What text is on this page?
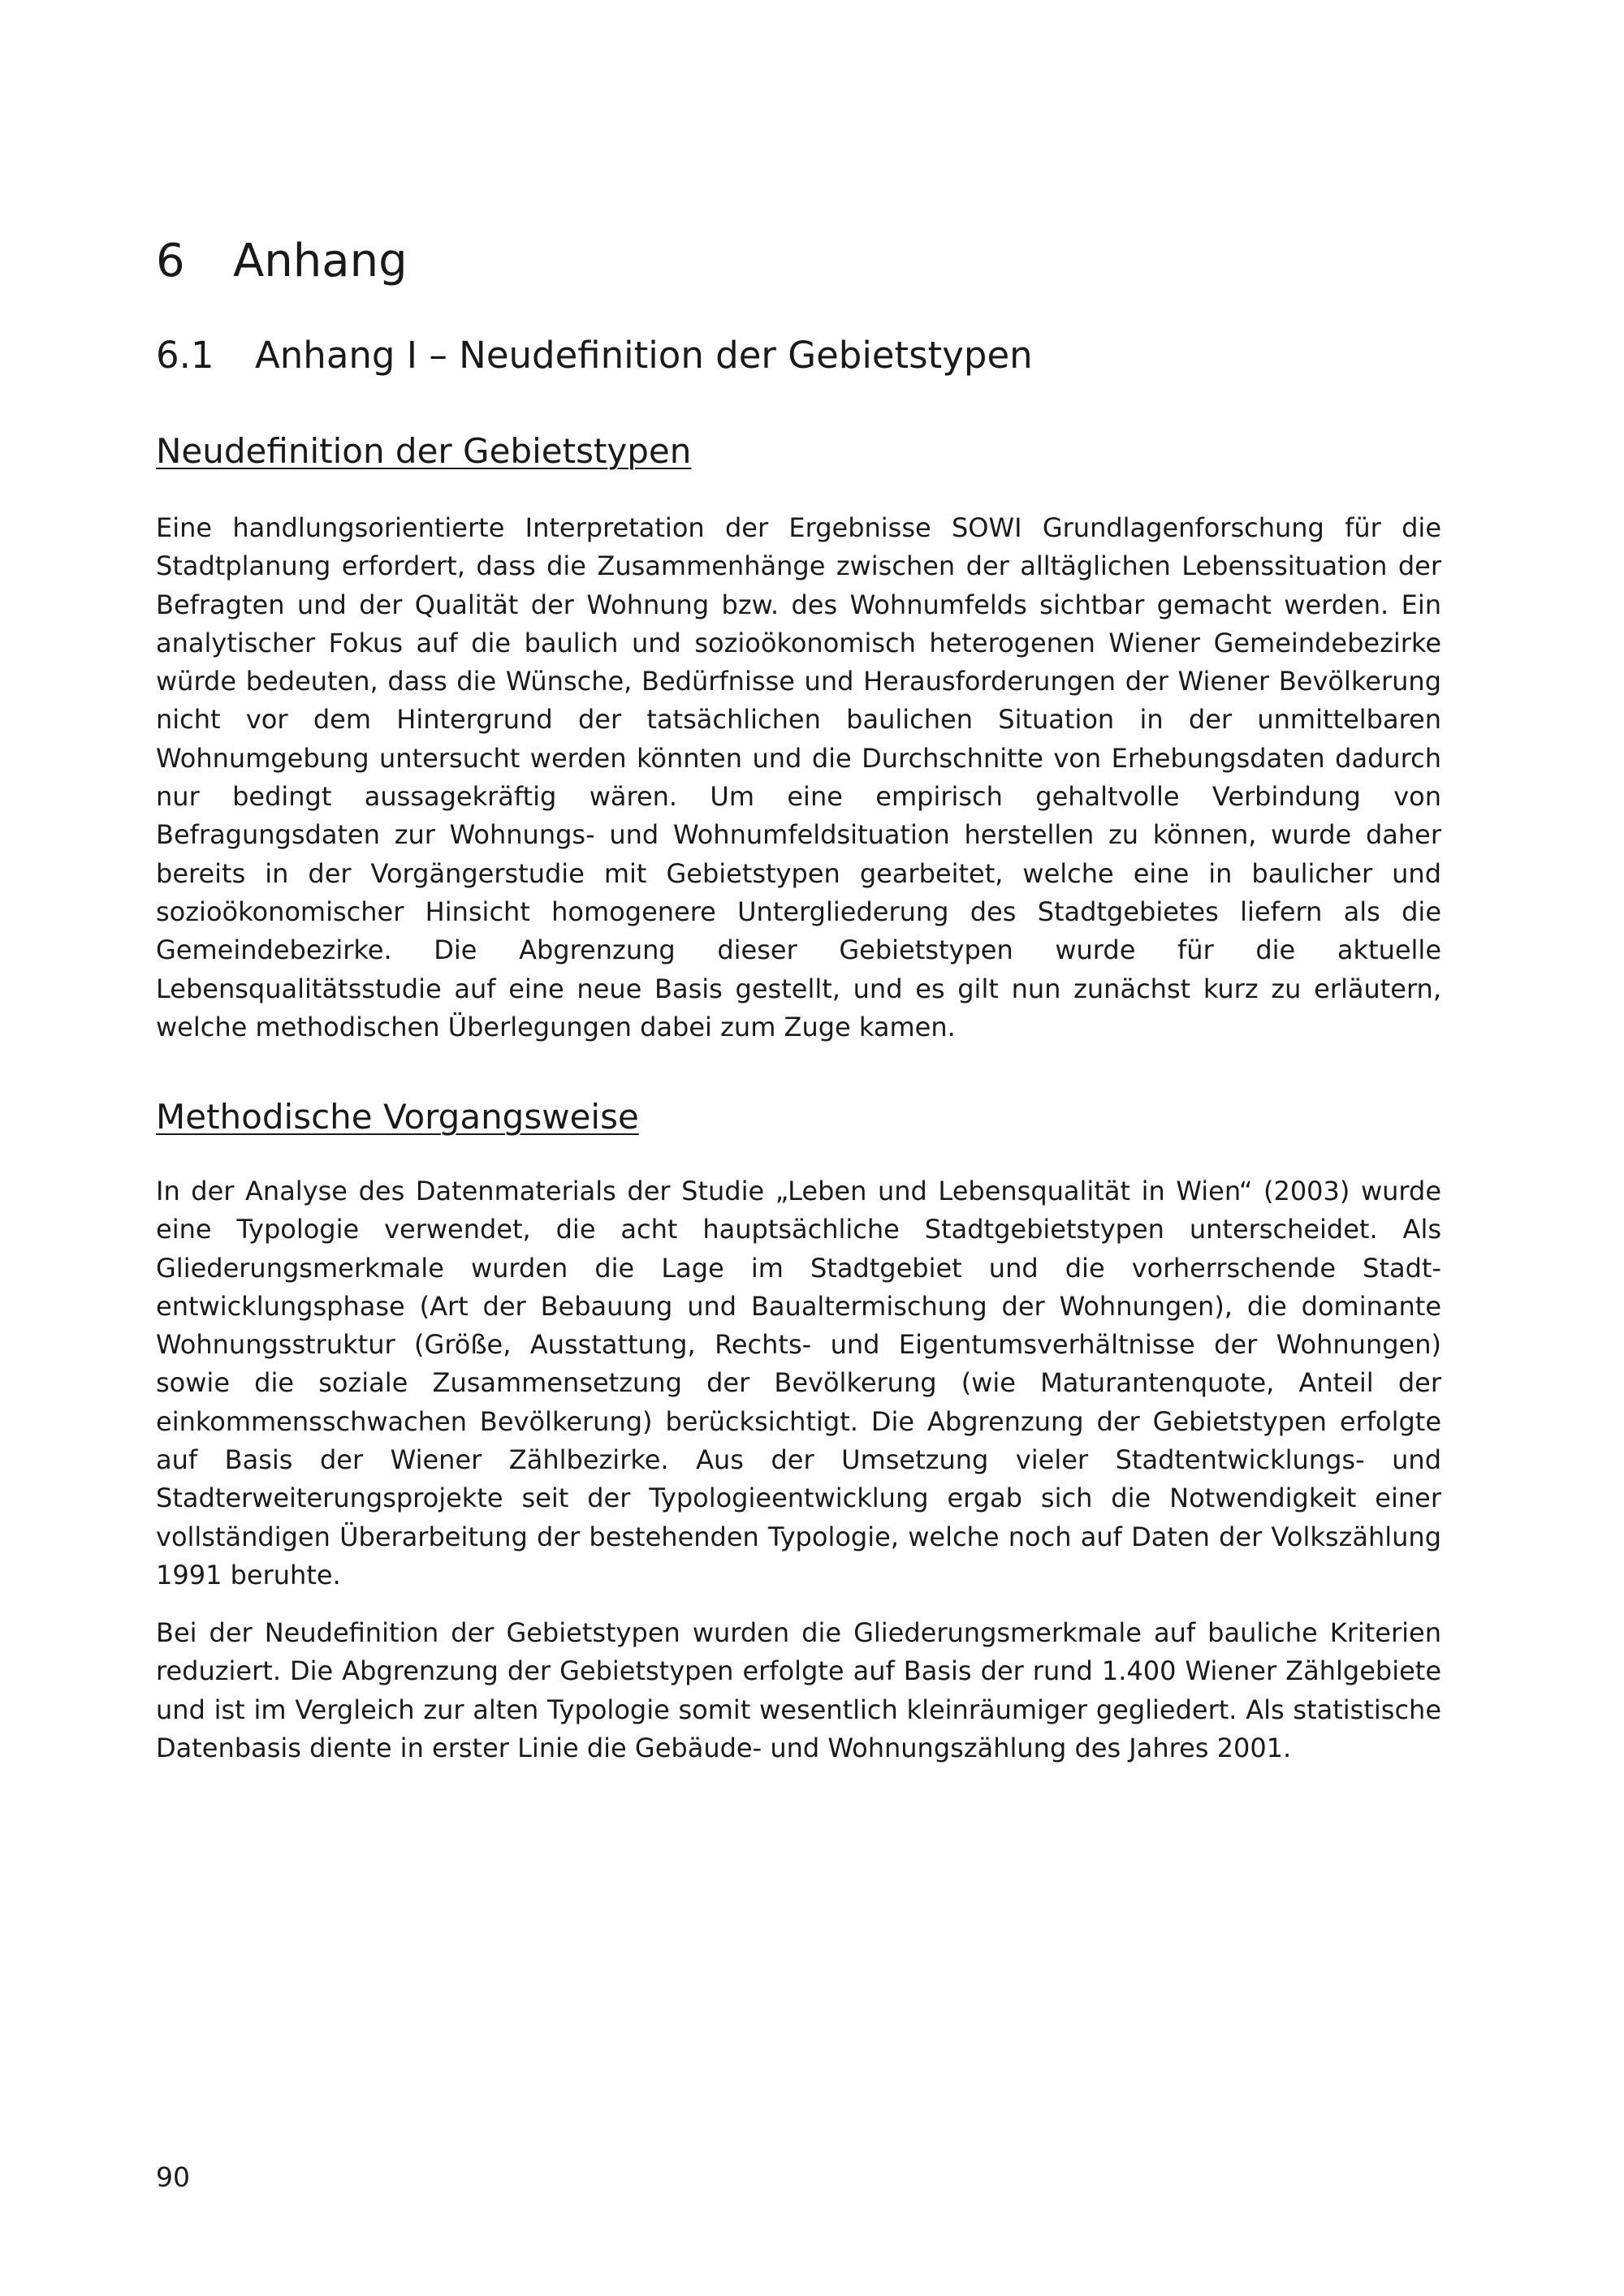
6 Anhang
6.1 Anhang I – Neudefinition der Gebietstypen
Neudefinition der Gebietstypen

Eine handlungsorientierte Interpretation der Ergebnisse SOWI Grundlagenforschung für die Stadtplanung erfordert, dass die Zusammenhänge zwischen der alltäglichen Lebenssituation der Befragten und der Qualität der Wohnung bzw. des Wohnumfelds sichtbar gemacht werden. Ein analytischer Fokus auf die baulich und sozioökonomisch heterogenen Wiener Gemeindebezirke würde bedeuten, dass die Wünsche, Bedürfnisse und Herausforderungen der Wiener Bevölkerung nicht vor dem Hintergrund der tatsächlichen baulichen Situation in der unmittelbaren Wohnumgebung untersucht werden könnten und die Durchschnitte von Erhebungsdaten dadurch nur bedingt aussagekräftig wären. Um eine empirisch gehaltvolle Verbindung von Befragungsdaten zur Wohnungs- und Wohnumfeldsituation herstellen zu können, wurde daher bereits in der Vorgängerstudie mit Gebietstypen gearbeitet, welche eine in baulicher und sozioökonomischer Hinsicht homogenere Untergliederung des Stadtgebietes liefern als die Gemeindebezirke. Die Abgrenzung dieser Gebietstypen wurde für die aktuelle Lebensqualitätsstudie auf eine neue Basis gestellt, und es gilt nun zunächst kurz zu erläutern, welche methodischen Überlegungen dabei zum Zuge kamen.

Methodische Vorgangsweise

In der Analyse des Datenmaterials der Studie „Leben und Lebensqualität in Wien“ (2003) wurde eine Typologie verwendet, die acht hauptsächliche Stadtgebietstypen unterscheidet. Als Gliederungsmerkmale wurden die Lage im Stadtgebiet und die vorherrschende Stadtentwicklungsphase (Art der Bebauung und Baualtermischung der Wohnungen), die dominante Wohnungsstruktur (Größe, Ausstattung, Rechts- und Eigentumsverhältnisse der Wohnungen) sowie die soziale Zusammensetzung der Bevölkerung (wie Maturantenquote, Anteil der einkommensschwachen Bevölkerung) berücksichtigt. Die Abgrenzung der Gebietstypen erfolgte auf Basis der Wiener Zählbezirke. Aus der Umsetzung vieler Stadtentwicklungs- und Stadterweiterungsprojekte seit der Typologieentwicklung ergab sich die Notwendigkeit einer vollständigen Überarbeitung der bestehenden Typologie, welche noch auf Daten der Volkszählung 1991 beruhte.

Bei der Neudefinition der Gebietstypen wurden die Gliederungsmerkmale auf bauliche Kriterien reduziert. Die Abgrenzung der Gebietstypen erfolgte auf Basis der rund 1.400 Wiener Zählgebiete und ist im Vergleich zur alten Typologie somit wesentlich kleinräumiger gegliedert. Als statistische Datenbasis diente in erster Linie die Gebäude- und Wohnungszählung des Jahres 2001.

90
